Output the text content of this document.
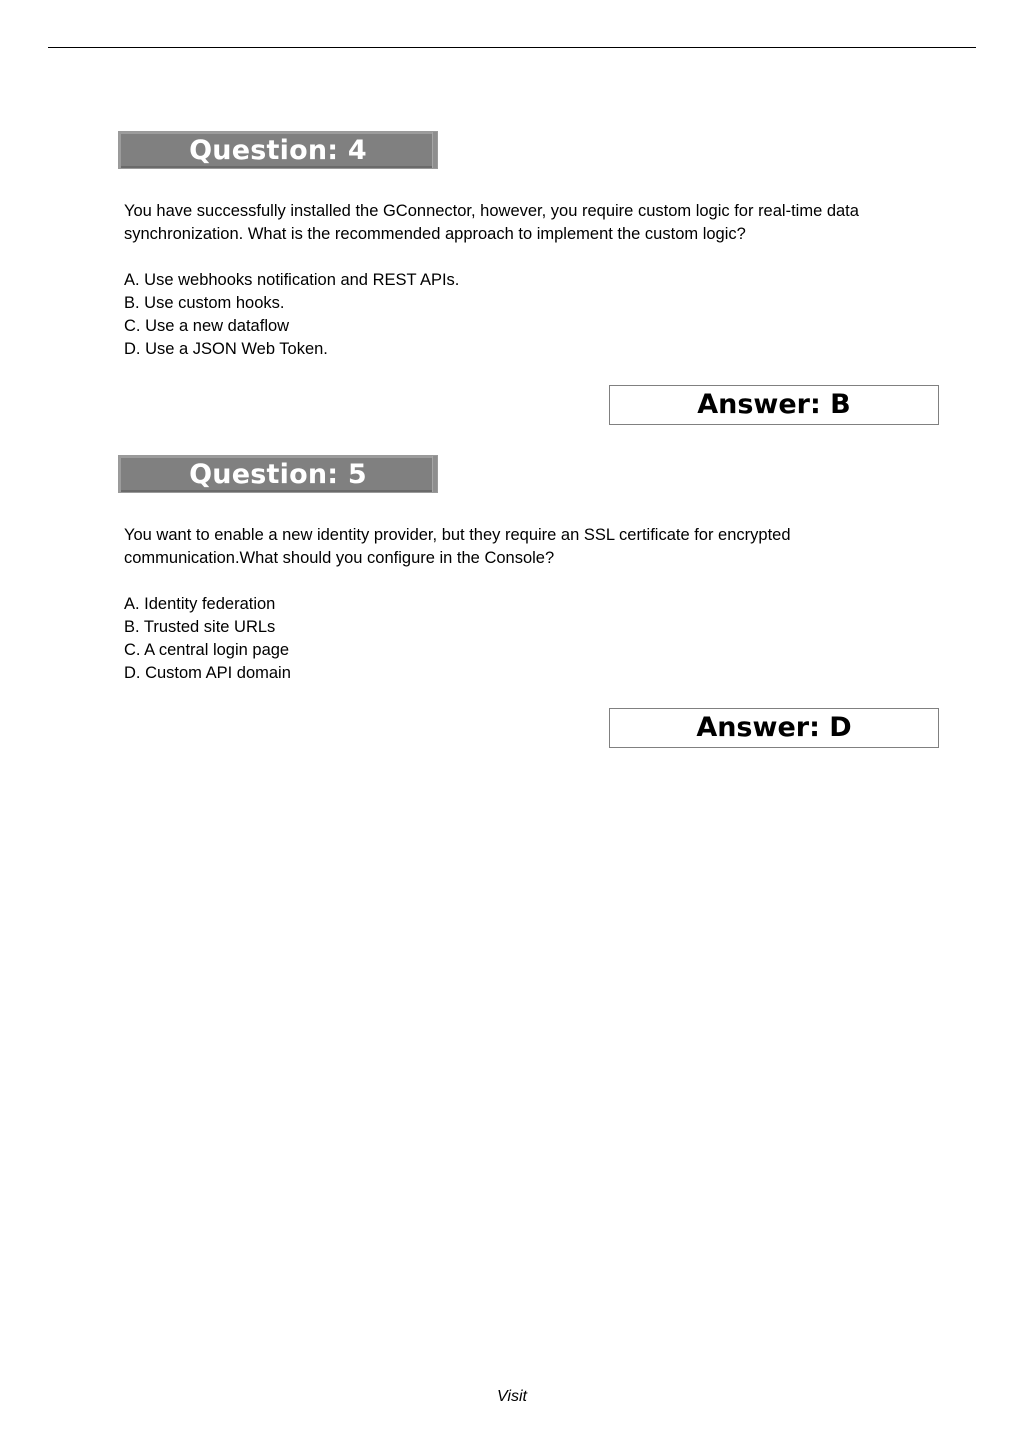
Question: 4

You have successfully installed the GConnector, however, you require custom logic for real-time data synchronization. What is the recommended approach to implement the custom logic?

A. Use webhooks notification and REST APIs.
B. Use custom hooks.
C. Use a new dataflow
D. Use a JSON Web Token.
Answer: B
Question: 5

You want to enable a new identity provider, but they require an SSL certificate for encrypted communication.What should you configure in the Console?

A. Identity federation
B. Trusted site URLs
C. A central login page
D. Custom API domain
Answer: D
Visit
